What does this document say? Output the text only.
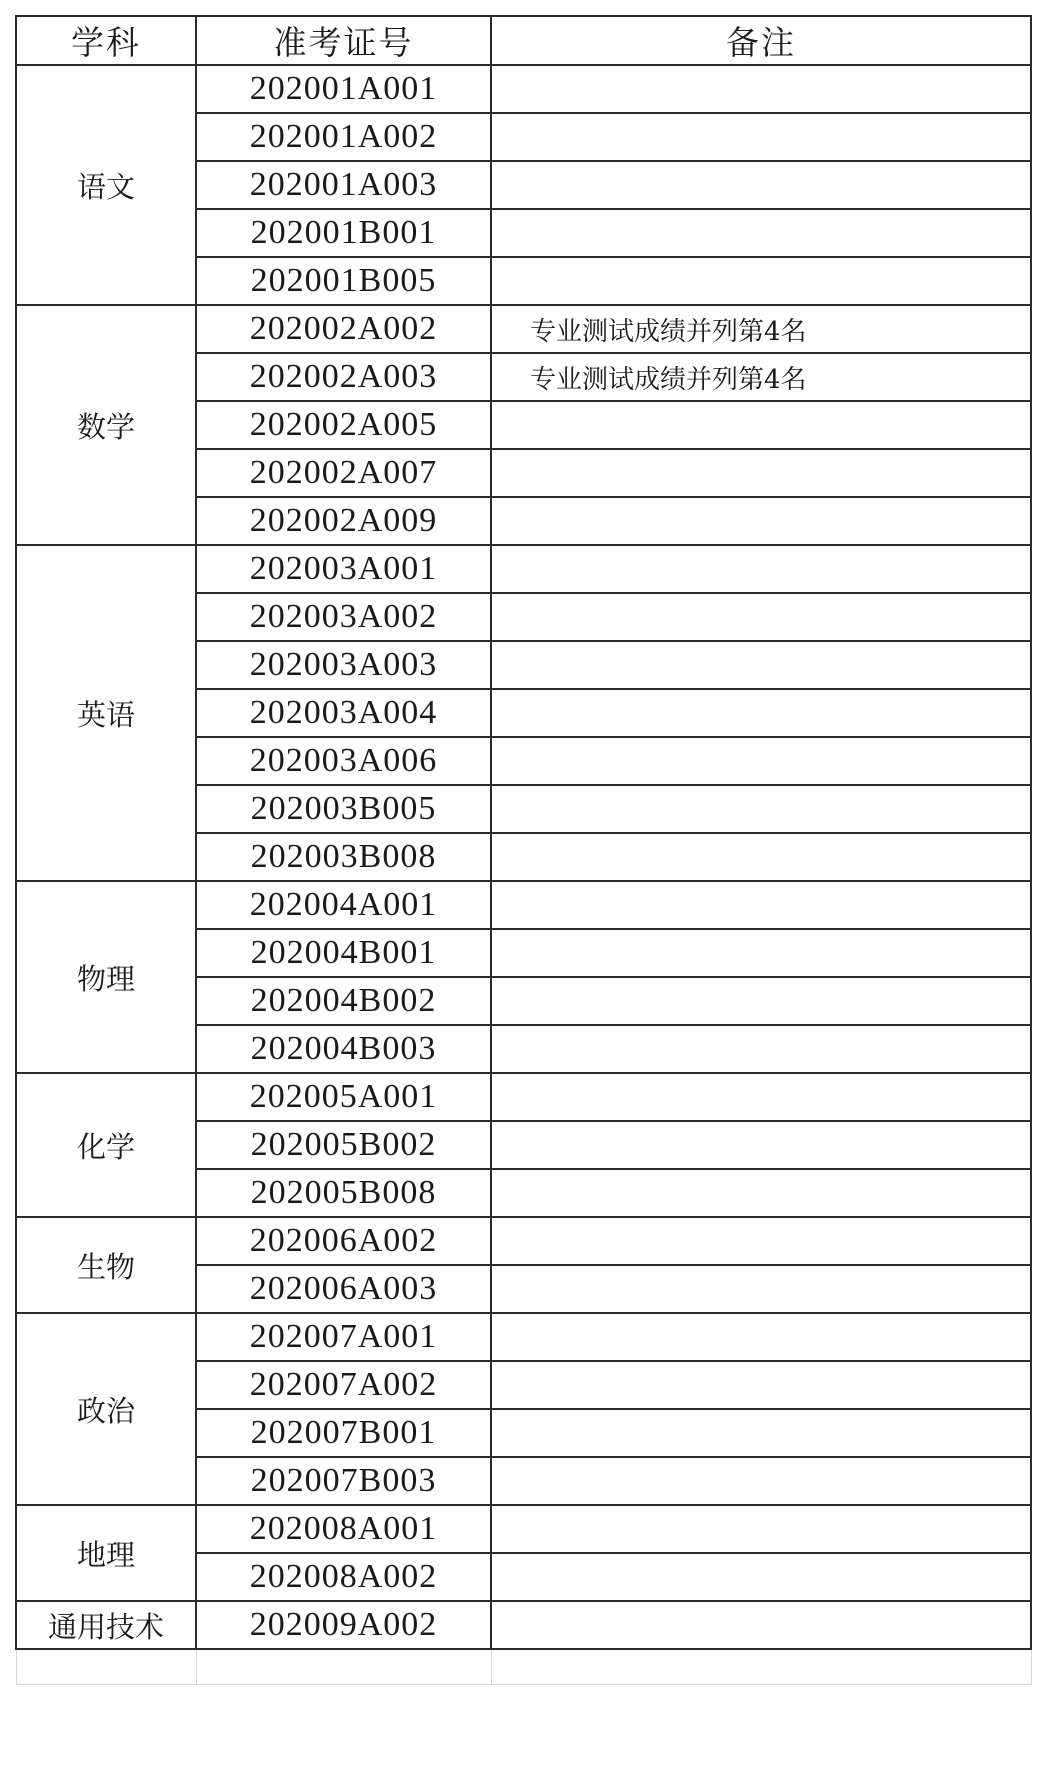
学科	准考证号	备注
语文	202001A001	
	202001A002	
	202001A003	
	202001B001	
	202001B005	
数学	202002A002	专业测试成绩并列第4名
	202002A003	专业测试成绩并列第4名
	202002A005	
	202002A007	
	202002A009	
英语	202003A001	
	202003A002	
	202003A003	
	202003A004	
	202003A006	
	202003B005	
	202003B008	
物理	202004A001	
	202004B001	
	202004B002	
	202004B003	
化学	202005A001	
	202005B002	
	202005B008	
生物	202006A002	
	202006A003	
政治	202007A001	
	202007A002	
	202007B001	
	202007B003	
地理	202008A001	
	202008A002	
通用技术	202009A002	
